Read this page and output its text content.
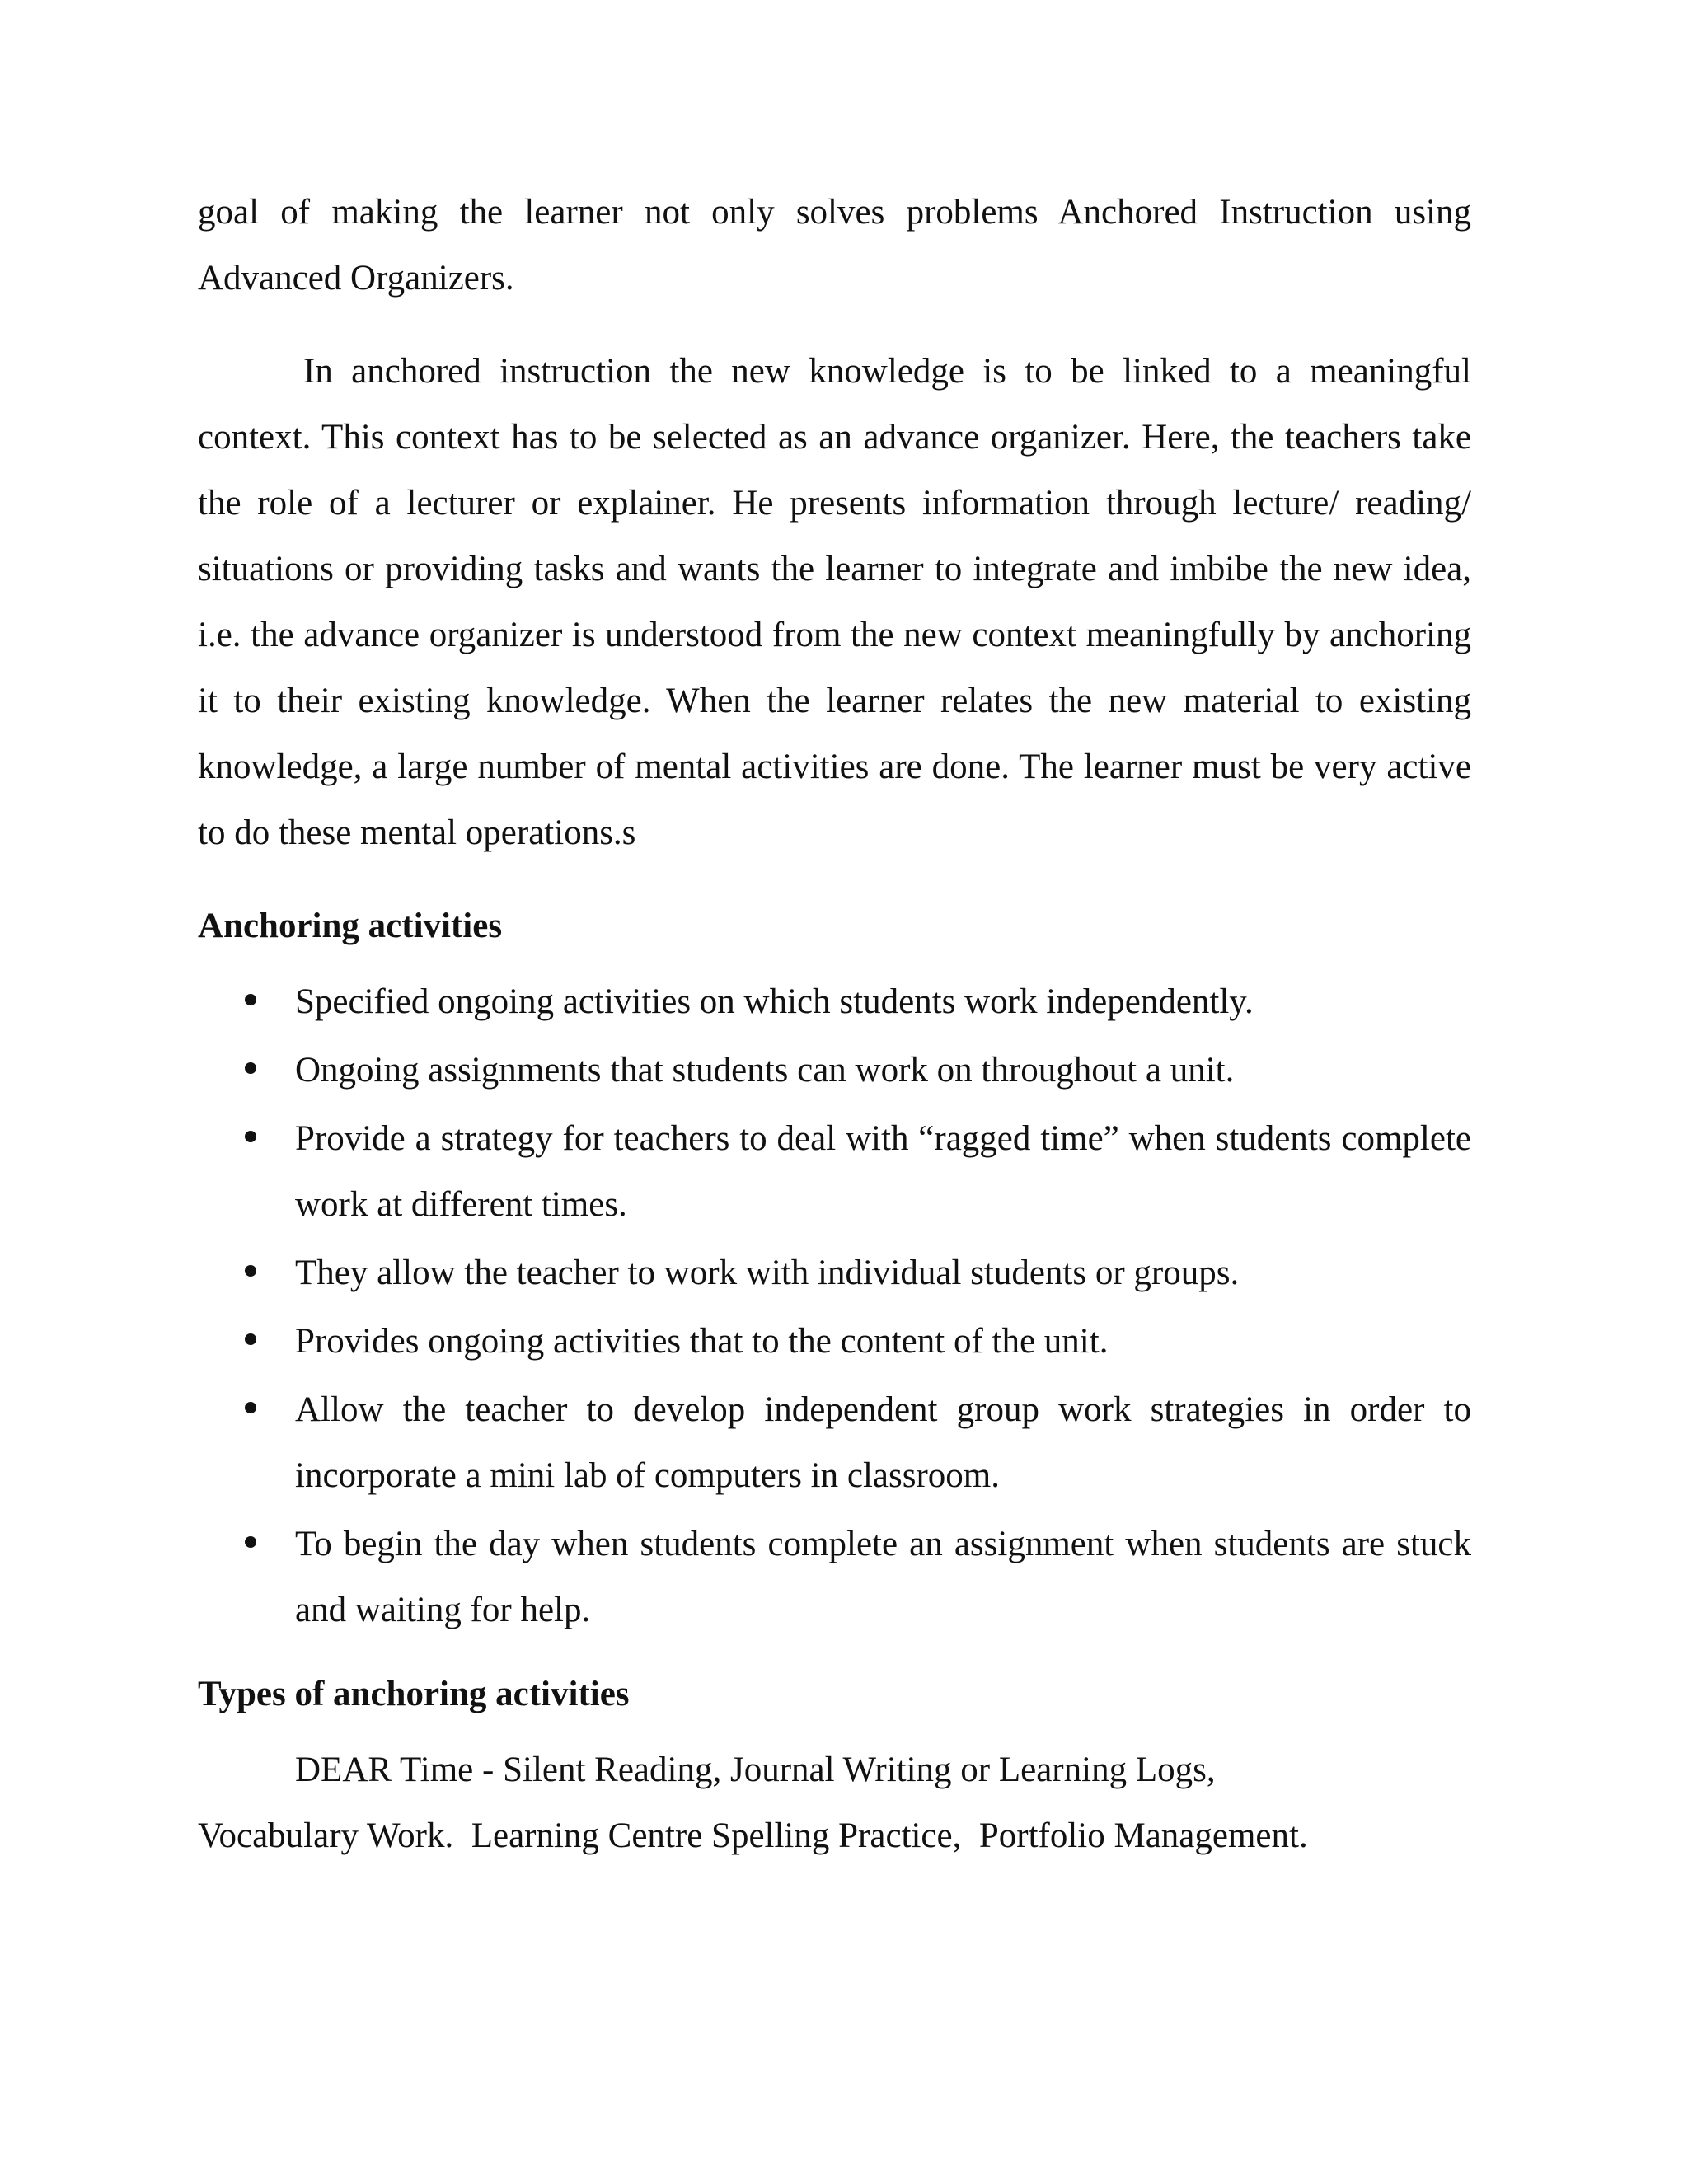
goal of making the learner not only solves problems Anchored Instruction using Advanced Organizers.

In anchored instruction the new knowledge is to be linked to a meaningful context. This context has to be selected as an advance organizer. Here, the teachers take the role of a lecturer or explainer. He presents information through lecture/ reading/ situations or providing tasks and wants the learner to integrate and imbibe the new idea, i.e. the advance organizer is understood from the new context meaningfully by anchoring it to their existing knowledge. When the learner relates the new material to existing knowledge, a large number of mental activities are done. The learner must be very active to do these mental operations.s

Anchoring activities
Specified ongoing activities on which students work independently.
Ongoing assignments that students can work on throughout a unit.
Provide a strategy for teachers to deal with “ragged time” when students complete work at different times.
They allow the teacher to work with individual students or groups.
Provides ongoing activities that to the content of the unit.
Allow the teacher to develop independent group work strategies in order to incorporate a mini lab of computers in classroom.
To begin the day when students complete an assignment when students are stuck and waiting for help.
Types of anchoring activities

DEAR Time - Silent Reading, Journal Writing or Learning Logs,

Vocabulary Work.  Learning Centre Spelling Practice,  Portfolio Management.
